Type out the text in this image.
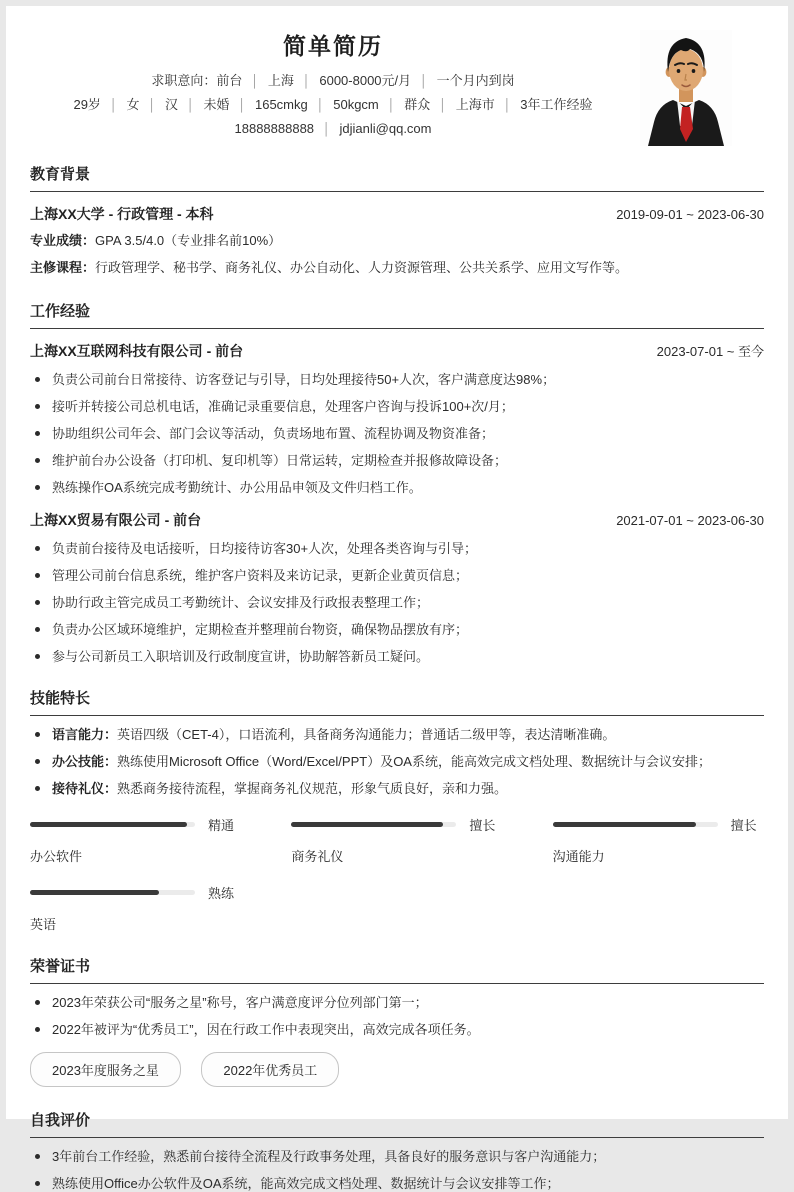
简单简历
求职意向：前台 │ 上海 │ 6000-8000元/月 │ 一个月内到岗
29岁 │ 女 │ 汉 │ 未婚 │ 165cmkg │ 50kgcm │ 群众 │ 上海市 │ 3年工作经验
18888888888 │ jdjianli@qq.com
教育背景
上海XX大学 - 行政管理 - 本科	2019-09-01 ~ 2023-06-30

专业成绩：GPA 3.5/4.0（专业排名前10%）

主修课程：行政管理学、秘书学、商务礼仪、办公自动化、人力资源管理、公共关系学、应用文写作等。

工作经验
上海XX互联网科技有限公司 - 前台	2023-07-01 ~ 至今
负责公司前台日常接待、访客登记与引导，日均处理接待50+人次，客户满意度达98%；
接听并转接公司总机电话，准确记录重要信息，处理客户咨询与投诉100+次/月；
协助组织公司年会、部门会议等活动，负责场地布置、流程协调及物资准备；
维护前台办公设备（打印机、复印机等）日常运转，定期检查并报修故障设备；
熟练操作OA系统完成考勤统计、办公用品申领及文件归档工作。
上海XX贸易有限公司 - 前台	2021-07-01 ~ 2023-06-30
负责前台接待及电话接听，日均接待访客30+人次，处理各类咨询与引导；
管理公司前台信息系统，维护客户资料及来访记录，更新企业黄页信息；
协助行政主管完成员工考勤统计、会议安排及行政报表整理工作；
负责办公区域环境维护，定期检查并整理前台物资，确保物品摆放有序；
参与公司新员工入职培训及行政制度宣讲，协助解答新员工疑问。
技能特长
语言能力：英语四级（CET-4），口语流利，具备商务沟通能力；普通话二级甲等，表达清晰准确。
办公技能：熟练使用Microsoft Office（Word/Excel/PPT）及OA系统，能高效完成文档处理、数据统计与会议安排；
接待礼仪：熟悉商务接待流程，掌握商务礼仪规范，形象气质良好，亲和力强。
精通
办公软件
擅长
商务礼仪
擅长
沟通能力
熟练
英语
荣誉证书
2023年荣获公司“服务之星”称号，客户满意度评分位列部门第一；
2022年被评为“优秀员工”，因在行政工作中表现突出，高效完成各项任务。
2023年度服务之星	2022年优秀员工
自我评价
3年前台工作经验，熟悉前台接待全流程及行政事务处理，具备良好的服务意识与客户沟通能力；
熟练使用Office办公软件及OA系统，能高效完成文档处理、数据统计与会议安排等工作；
